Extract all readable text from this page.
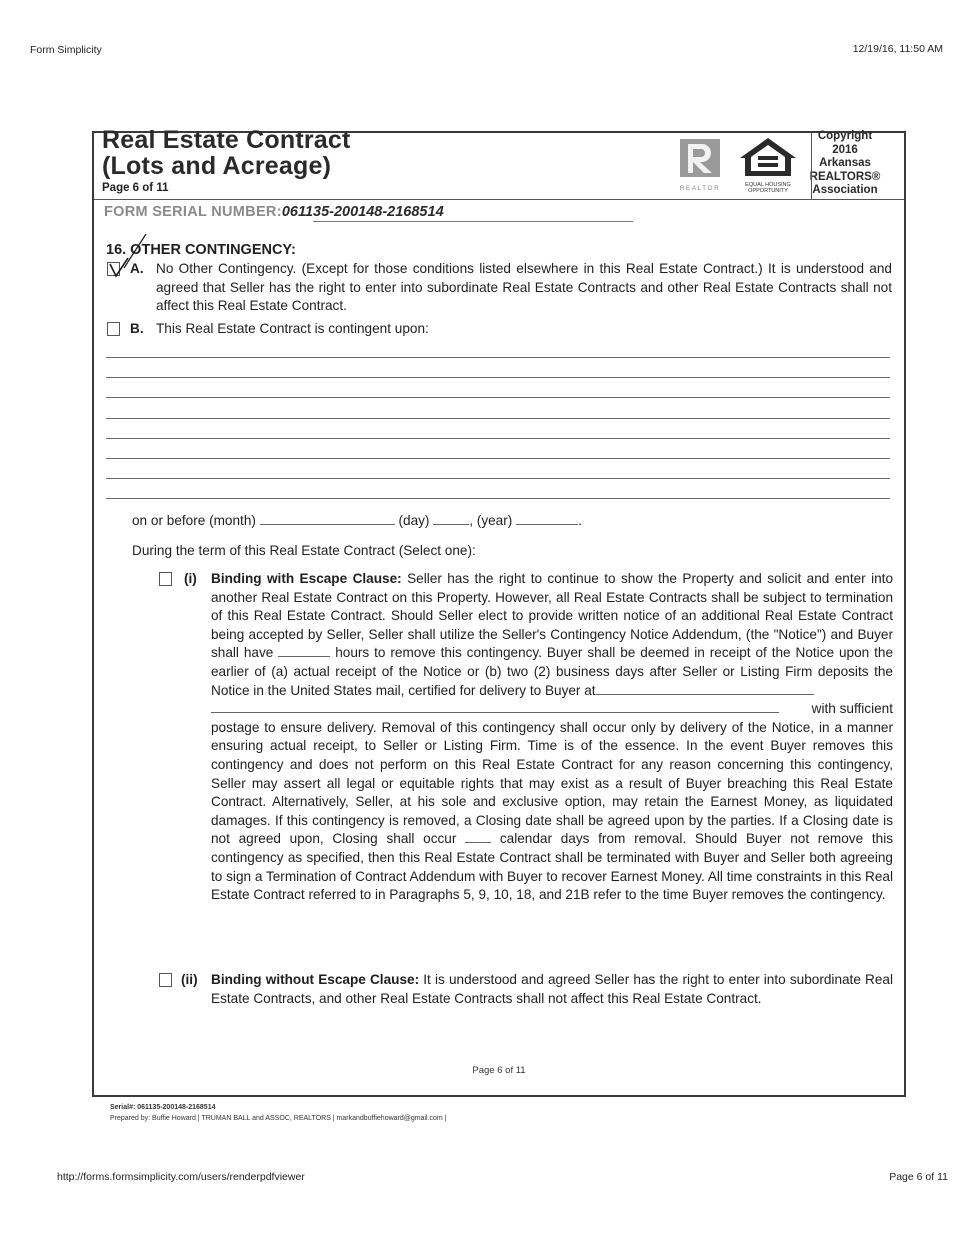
Form Simplicity	12/19/16, 11:50 AM
Real Estate Contract
(Lots and Acreage)
Page 6 of 11	REALTOR	EQUAL HOUSING
OPPORTUNITY
Copyright
2016
Arkansas
REALTORS®
Association
FORM SERIAL NUMBER:061135-200148-2168514
16. OTHER CONTINGENCY:
A. No Other Contingency. (Except for those conditions listed elsewhere in this Real Estate Contract.) It is understood and agreed that Seller has the right to enter into subordinate Real Estate Contracts and other Real Estate Contracts shall not affect this Real Estate Contract.
B. This Real Estate Contract is contingent upon:
on or before (month)	(day)	, (year)	.
During the term of this Real Estate Contract (Select one):
(i) Binding with Escape Clause: Seller has the right to continue to show the Property and solicit and enter into another Real Estate Contract on this Property. However, all Real Estate Contracts shall be subject to termination of this Real Estate Contract. Should Seller elect to provide written notice of an additional Real Estate Contract being accepted by Seller, Seller shall utilize the Seller's Contingency Notice Addendum, (the "Notice") and Buyer shall have	hours to remove this contingency. Buyer shall be deemed in receipt of the Notice upon the earlier of (a) actual receipt of the Notice or (b) two (2) business days after Seller or Listing Firm deposits the Notice in the United States mail, certified for delivery to Buyer at
with sufficient
postage to ensure delivery. Removal of this contingency shall occur only by delivery of the Notice, in a manner ensuring actual receipt, to Seller or Listing Firm. Time is of the essence. In the event Buyer removes this contingency and does not perform on this Real Estate Contract for any reason concerning this contingency, Seller may assert all legal or equitable rights that may exist as a result of Buyer breaching this Real Estate Contract. Alternatively, Seller, at his sole and exclusive option, may retain the Earnest Money, as liquidated damages. If this contingency is removed, a Closing date shall be agreed upon by the parties. If a Closing date is not agreed upon, Closing shall occur	calendar days from removal. Should Buyer not remove this contingency as specified, then this Real Estate Contract shall be terminated with Buyer and Seller both agreeing to sign a Termination of Contract Addendum with Buyer to recover Earnest Money. All time constraints in this Real Estate Contract referred to in Paragraphs 5, 9, 10, 18, and 21B refer to the time Buyer removes the contingency.
(ii) Binding without Escape Clause: It is understood and agreed Seller has the right to enter into subordinate Real Estate Contracts, and other Real Estate Contracts shall not affect this Real Estate Contract.
Page 6 of 11
Serial#: 061135-200148-2168514
Prepared by: Buffie Howard | TRUMAN BALL and ASSOC, REALTORS | markandbuffiehoward@gmail.com |
http://forms.formsimplicity.com/users/renderpdfviewer	Page 6 of 11
